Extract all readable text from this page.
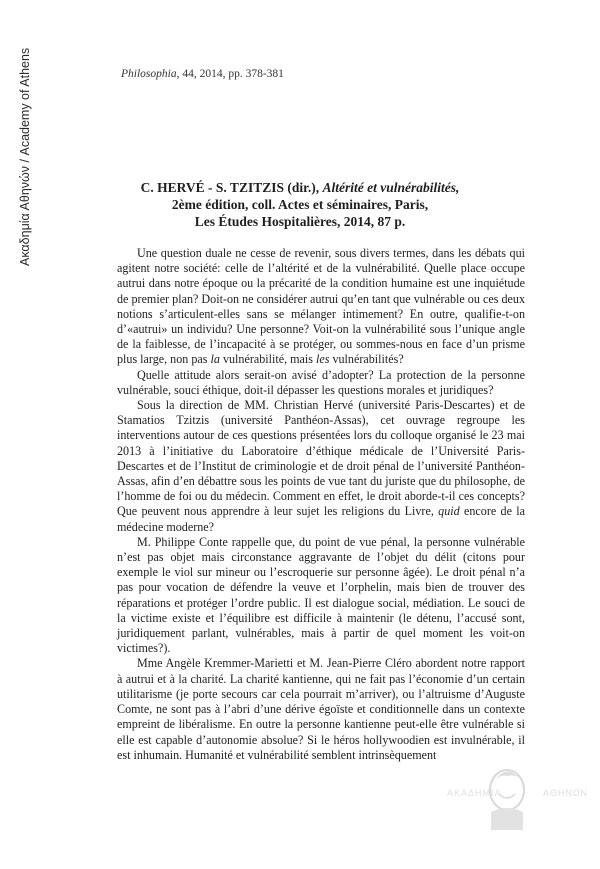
Ακαδημία Αθηνών / Academy of Athens	Philosophia, 44, 2014, pp. 378-381
C. HERVÉ - S. TZITZIS (dir.), Altérité et vulnérabilités,
2ème édition, coll. Actes et séminaires, Paris,
Les Études Hospitalières, 2014, 87 p.

Une question duale ne cesse de revenir, sous divers termes, dans les débats qui agitent notre société: celle de l’altérité et de la vulnérabilité. Quelle place occupe autrui dans notre époque ou la précarité de la condition humaine est une inquiétude de premier plan? Doit-on ne considérer autrui qu’en tant que vulnérable ou ces deux notions s’articulent-elles sans se mélanger intimement? En outre, qualifie-t-on d’«autrui» un individu? Une personne? Voit-on la vulnérabilité sous l’unique angle de la faiblesse, de l’incapacité à se protéger, ou sommes-nous en face d’un prisme plus large, non pas la vulnérabilité, mais les vulnérabilités?

Quelle attitude alors serait-on avisé d’adopter? La protection de la personne vulnérable, souci éthique, doit-il dépasser les questions morales et juridiques?

Sous la direction de MM. Christian Hervé (université Paris-Descartes) et de Stamatios Tzitzis (université Panthéon-Assas), cet ouvrage regroupe les interventions autour de ces questions présentées lors du colloque organisé le 23 mai 2013 à l’initiative du Laboratoire d’éthique médicale de l’Université Paris-Descartes et de l’Institut de criminologie et de droit pénal de l’université Panthéon-Assas, afin d’en débattre sous les points de vue tant du juriste que du philosophe, de l’homme de foi ou du médecin. Comment en effet, le droit aborde-t-il ces concepts? Que peuvent nous apprendre à leur sujet les religions du Livre, quid encore de la médecine moderne?

M. Philippe Conte rappelle que, du point de vue pénal, la personne vulnérable n’est pas objet mais circonstance aggravante de l’objet du délit (citons pour exemple le viol sur mineur ou l’escroquerie sur personne âgée). Le droit pénal n’a pas pour vocation de défendre la veuve et l’orphelin, mais bien de trouver des réparations et protéger l’ordre public. Il est dialogue social, médiation. Le souci de la victime existe et l’équilibre est difficile à maintenir (le détenu, l’accusé sont, juridiquement parlant, vulnérables, mais à partir de quel moment les voit-on victimes?).

Mme Angèle Kremmer-Marietti et M. Jean-Pierre Cléro abordent notre rapport à autrui et à la charité. La charité kantienne, qui ne fait pas l’économie d’un certain utilitarisme (je porte secours car cela pourrait m’arriver), ou l’altruisme d’Auguste Comte, ne sont pas à l’abri d’une dérive égoïste et conditionnelle dans un contexte empreint de libéralisme. En outre la personne kantienne peut-elle être vulnérable si elle est capable d’autonomie absolue? Si le héros hollywoodien est invulnérable, il est inhumain. Humanité et vulnérabilité semblent intrinsèquement

ΑΚΑΔΗΜΙΑ	ΑΘΗΝΩΝ
